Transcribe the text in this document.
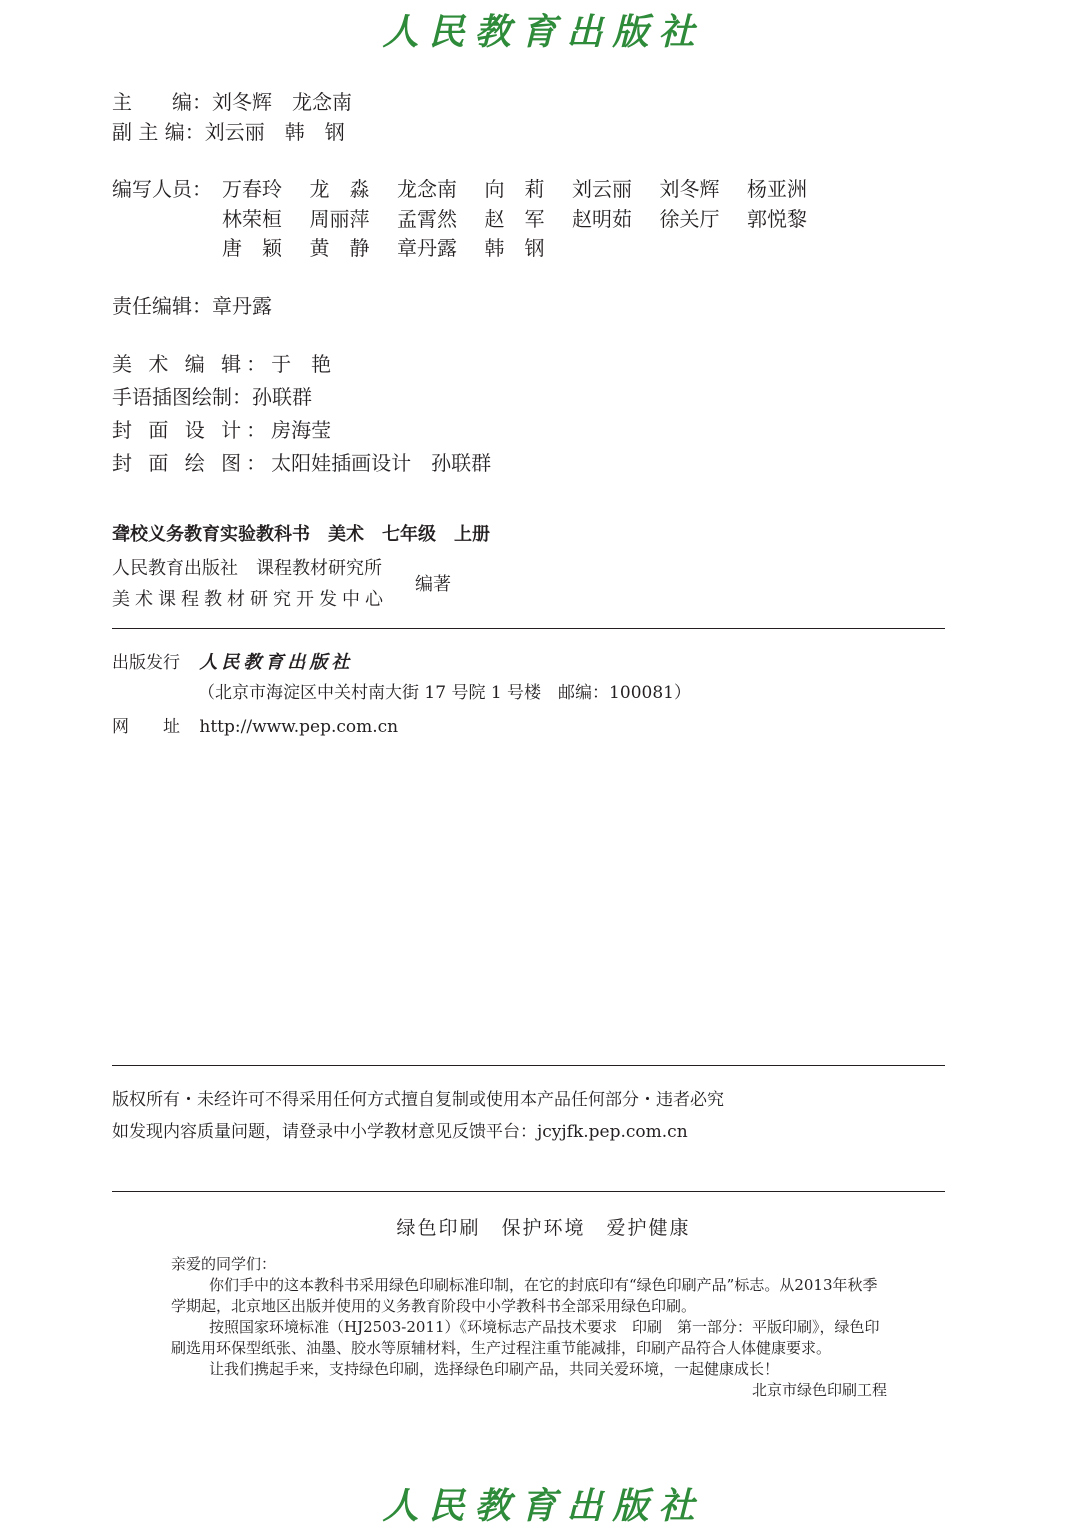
人民教育出版社
主　　编： 刘冬辉　龙念南
副 主 编： 刘云丽　韩　钢
编写人员： 万春玲	龙　淼	龙念南	向　莉	刘云丽	刘冬辉	杨亚洲
林荣桓	周丽萍	孟霄然	赵　军	赵明茹	徐关厅	郭悦黎
唐　颖	黄　静	章丹露	韩　钢
责任编辑： 章丹露
美 术 编 辑： 于　艳
手语插图绘制： 孙联群
封 面 设 计： 房海莹
封 面 绘 图： 太阳娃插画设计　孙联群
聋校义务教育实验教科书　美术　七年级　上册
人民教育出版社　课程教材研究所
美术课程教材研究开发中心
编著
出版发行 人民教育出版社
（北京市海淀区中关村南大街 17 号院 1 号楼　邮编：100081）
网　　址 http://www.pep.com.cn
版权所有・未经许可不得采用任何方式擅自复制或使用本产品任何部分・违者必究
如发现内容质量问题，请登录中小学教材意见反馈平台：jcyjfk.pep.com.cn
绿色印刷　保护环境　爱护健康

亲爱的同学们：

你们手中的这本教科书采用绿色印刷标准印制，在它的封底印有“绿色印刷产品”标志。从2013年秋季学期起，北京地区出版并使用的义务教育阶段中小学教科书全部采用绿色印刷。

按照国家环境标准（HJ2503-2011）《环境标志产品技术要求　印刷　第一部分：平版印刷》，绿色印刷选用环保型纸张、油墨、胶水等原辅材料，生产过程注重节能减排，印刷产品符合人体健康要求。

让我们携起手来，支持绿色印刷，选择绿色印刷产品，共同关爱环境，一起健康成长！

北京市绿色印刷工程

人民教育出版社
